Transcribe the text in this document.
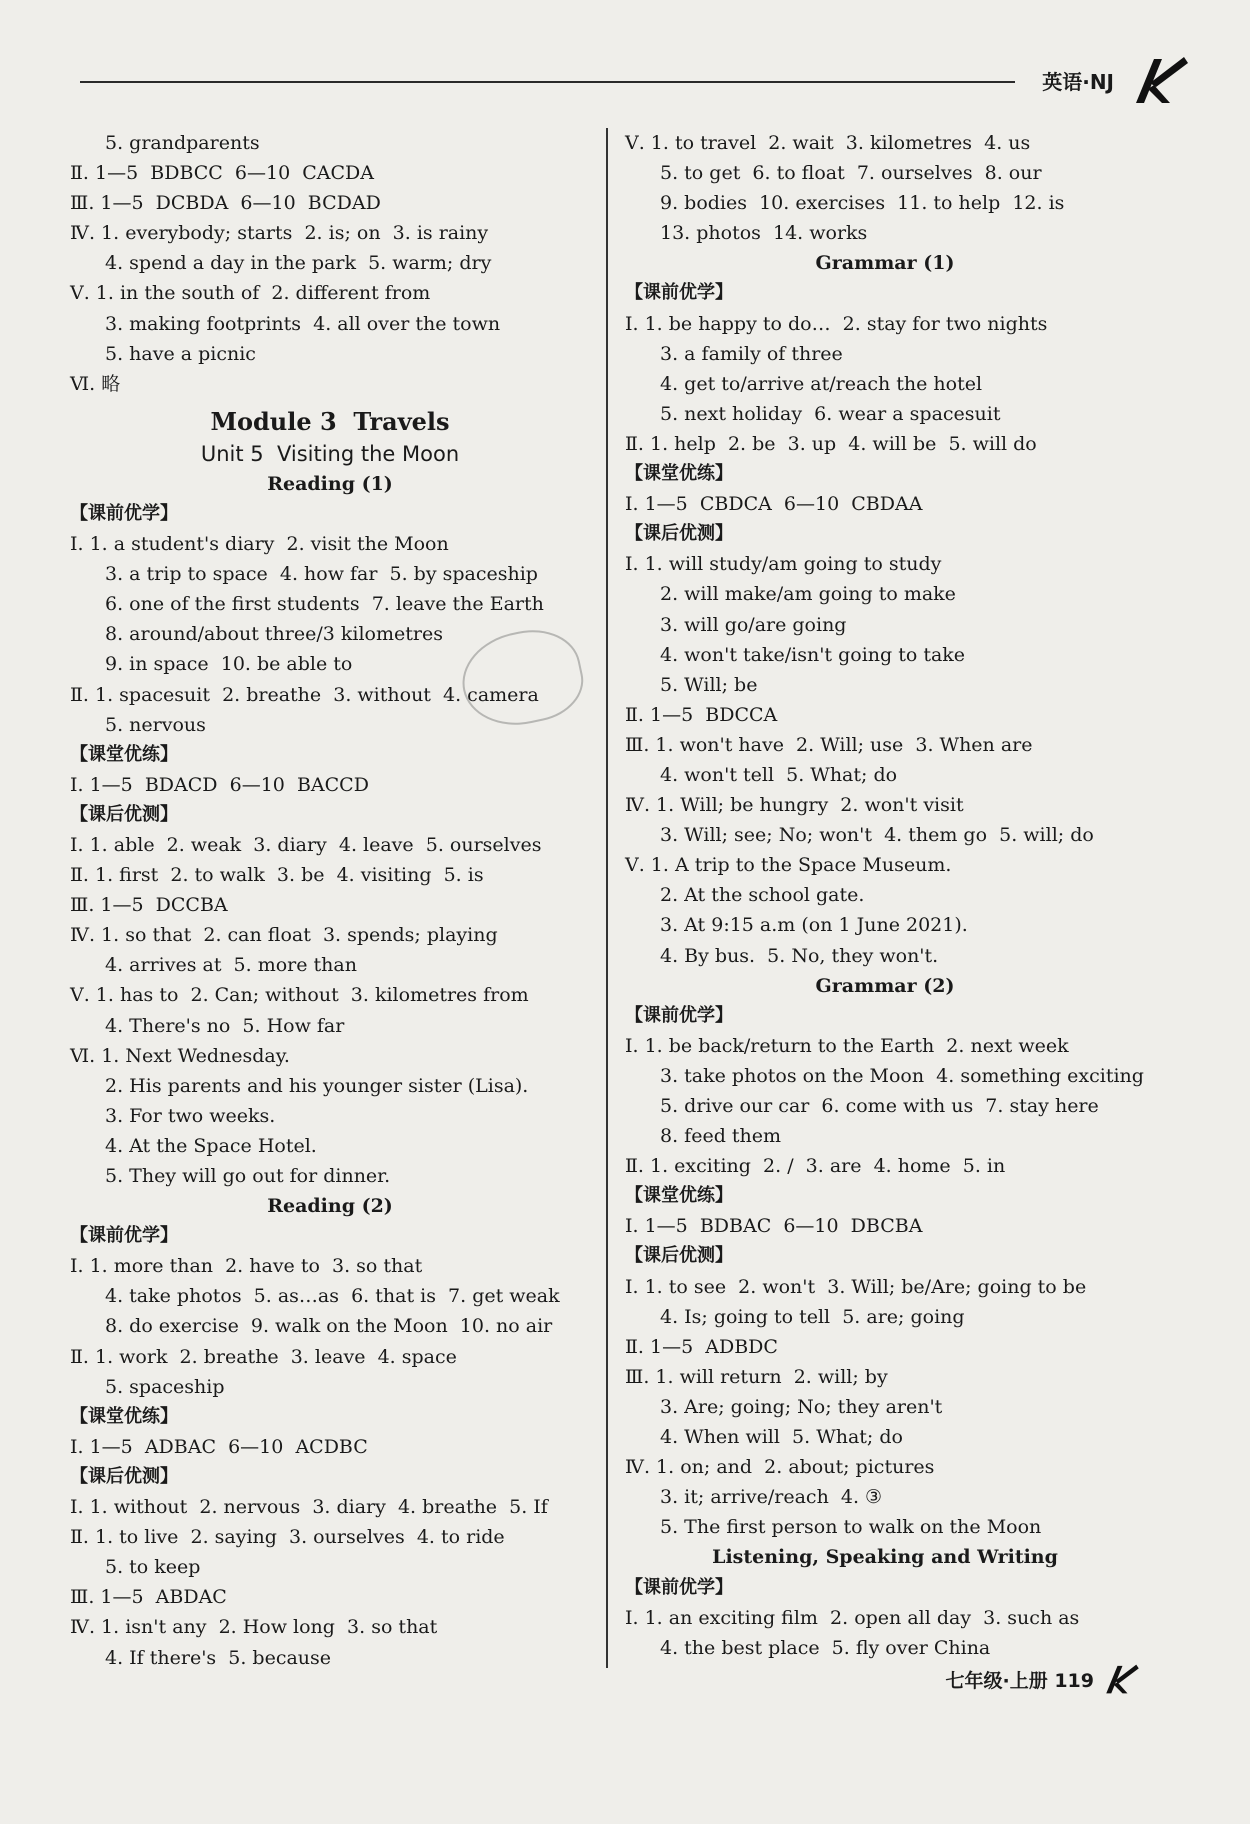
英语·NJ
5. grandparents
Ⅱ. 1—5  BDBCC  6—10  CACDA
Ⅲ. 1—5  DCBDA  6—10  BCDAD
Ⅳ. 1. everybody; starts  2. is; on  3. is rainy
4. spend a day in the park  5. warm; dry
Ⅴ. 1. in the south of  2. different from
3. making footprints  4. all over the town
5. have a picnic
Ⅵ. 略
Module 3  Travels
Unit 5  Visiting the Moon
Reading (1)
【课前优学】
Ⅰ. 1. a student's diary  2. visit the Moon
3. a trip to space  4. how far  5. by spaceship
6. one of the first students  7. leave the Earth
8. around/about three/3 kilometres
9. in space  10. be able to
Ⅱ. 1. spacesuit  2. breathe  3. without  4. camera
5. nervous
【课堂优练】
Ⅰ. 1—5  BDACD  6—10  BACCD
【课后优测】
Ⅰ. 1. able  2. weak  3. diary  4. leave  5. ourselves
Ⅱ. 1. first  2. to walk  3. be  4. visiting  5. is
Ⅲ. 1—5  DCCBA
Ⅳ. 1. so that  2. can float  3. spends; playing
4. arrives at  5. more than
Ⅴ. 1. has to  2. Can; without  3. kilometres from
4. There's no  5. How far
Ⅵ. 1. Next Wednesday.
2. His parents and his younger sister (Lisa).
3. For two weeks.
4. At the Space Hotel.
5. They will go out for dinner.
Reading (2)
【课前优学】
Ⅰ. 1. more than  2. have to  3. so that
4. take photos  5. as…as  6. that is  7. get weak
8. do exercise  9. walk on the Moon  10. no air
Ⅱ. 1. work  2. breathe  3. leave  4. space
5. spaceship
【课堂优练】
Ⅰ. 1—5  ADBAC  6—10  ACDBC
【课后优测】
Ⅰ. 1. without  2. nervous  3. diary  4. breathe  5. If
Ⅱ. 1. to live  2. saying  3. ourselves  4. to ride
5. to keep
Ⅲ. 1—5  ABDAC
Ⅳ. 1. isn't any  2. How long  3. so that
4. If there's  5. because
Ⅴ. 1. to travel  2. wait  3. kilometres  4. us
5. to get  6. to float  7. ourselves  8. our
9. bodies  10. exercises  11. to help  12. is
13. photos  14. works
Grammar (1)
【课前优学】
Ⅰ. 1. be happy to do…  2. stay for two nights
3. a family of three
4. get to/arrive at/reach the hotel
5. next holiday  6. wear a spacesuit
Ⅱ. 1. help  2. be  3. up  4. will be  5. will do
【课堂优练】
Ⅰ. 1—5  CBDCA  6—10  CBDAA
【课后优测】
Ⅰ. 1. will study/am going to study
2. will make/am going to make
3. will go/are going
4. won't take/isn't going to take
5. Will; be
Ⅱ. 1—5  BDCCA
Ⅲ. 1. won't have  2. Will; use  3. When are
4. won't tell  5. What; do
Ⅳ. 1. Will; be hungry  2. won't visit
3. Will; see; No; won't  4. them go  5. will; do
Ⅴ. 1. A trip to the Space Museum.
2. At the school gate.
3. At 9:15 a.m (on 1 June 2021).
4. By bus.  5. No, they won't.
Grammar (2)
【课前优学】
Ⅰ. 1. be back/return to the Earth  2. next week
3. take photos on the Moon  4. something exciting
5. drive our car  6. come with us  7. stay here
8. feed them
Ⅱ. 1. exciting  2. /  3. are  4. home  5. in
【课堂优练】
Ⅰ. 1—5  BDBAC  6—10  DBCBA
【课后优测】
Ⅰ. 1. to see  2. won't  3. Will; be/Are; going to be
4. Is; going to tell  5. are; going
Ⅱ. 1—5  ADBDC
Ⅲ. 1. will return  2. will; by
3. Are; going; No; they aren't
4. When will  5. What; do
Ⅳ. 1. on; and  2. about; pictures
3. it; arrive/reach  4. ③
5. The first person to walk on the Moon
Listening, Speaking and Writing
【课前优学】
Ⅰ. 1. an exciting film  2. open all day  3. such as
4. the best place  5. fly over China
七年级·上册 119
